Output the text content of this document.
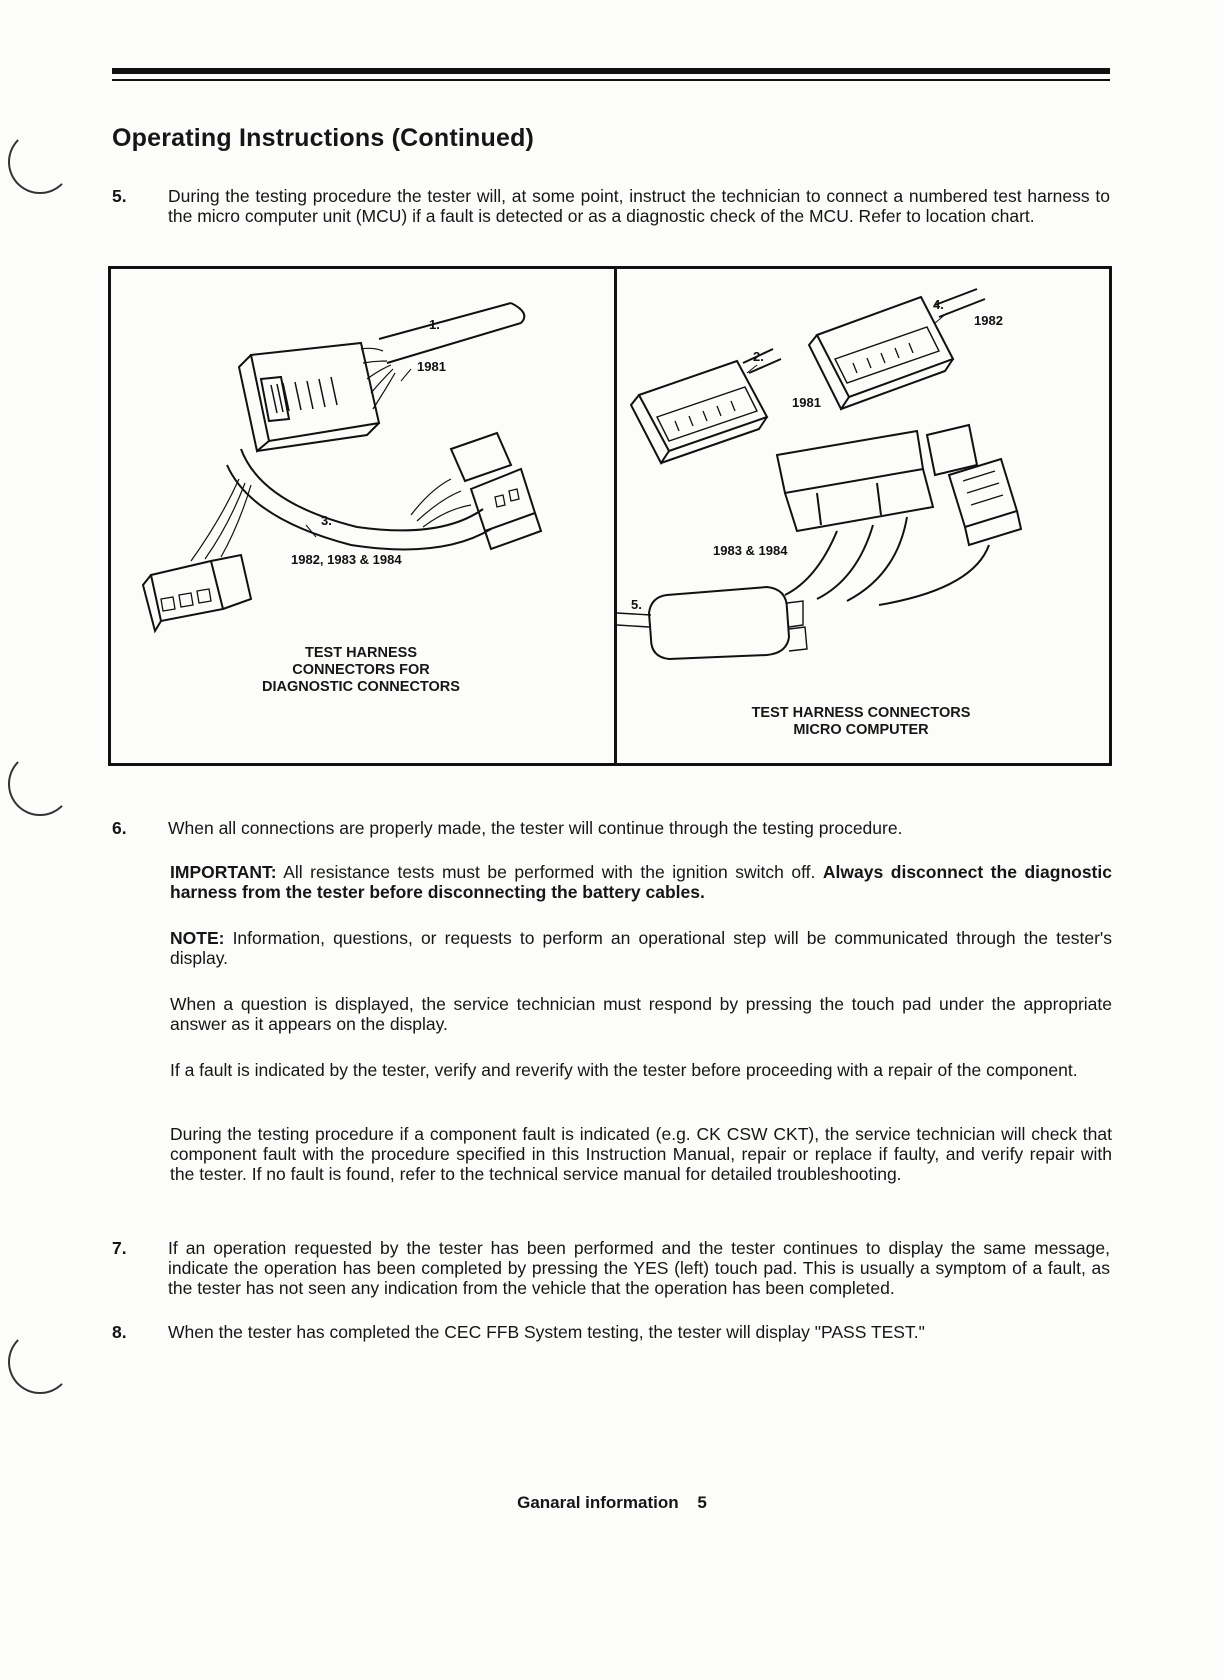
Operating Instructions (Continued)
5. During the testing procedure the tester will, at some point, instruct the technician to connect a numbered test harness to the micro computer unit (MCU) if a fault is detected or as a diagnostic check of the MCU. Refer to location chart.
1.
1981
3.
1982, 1983 & 1984
TEST HARNESS
CONNECTORS FOR
DIAGNOSTIC CONNECTORS
1982
1981
1983 & 1984
2.
4.
5.
TEST HARNESS CONNECTORS
MICRO COMPUTER
6. When all connections are properly made, the tester will continue through the testing procedure.
IMPORTANT: All resistance tests must be performed with the ignition switch off. Always disconnect the diagnostic harness from the tester before disconnecting the battery cables.
NOTE: Information, questions, or requests to perform an operational step will be communicated through the tester's display.
When a question is displayed, the service technician must respond by pressing the touch pad under the appropriate answer as it appears on the display.
If a fault is indicated by the tester, verify and reverify with the tester before proceeding with a repair of the component.
During the testing procedure if a component fault is indicated (e.g. CK CSW CKT), the service technician will check that component fault with the procedure specified in this Instruction Manual, repair or replace if faulty, and verify repair with the tester. If no fault is found, refer to the technical service manual for detailed troubleshooting.
7. If an operation requested by the tester has been performed and the tester continues to display the same message, indicate the operation has been completed by pressing the YES (left) touch pad. This is usually a symptom of a fault, as the tester has not seen any indication from the vehicle that the operation has been completed.
8. When the tester has completed the CEC FFB System testing, the tester will display "PASS TEST."
Ganaral information 5
